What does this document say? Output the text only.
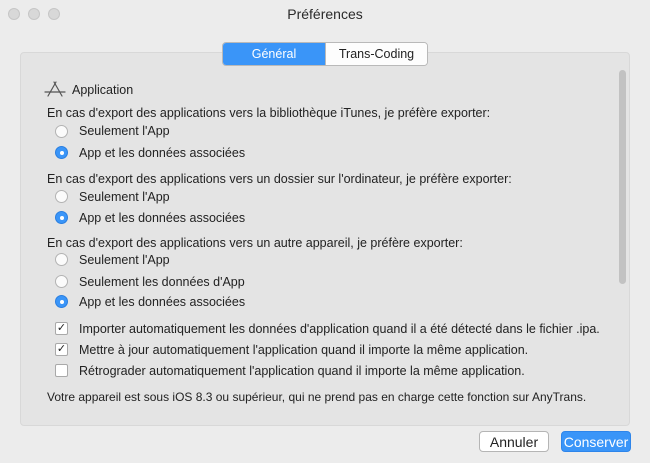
Préférences
Général	Trans-Coding
Application
En cas d'export des applications vers la bibliothèque iTunes, je préfère exporter:
Seulement l'App
App et les données associées
En cas d'export des applications vers un dossier sur l'ordinateur, je préfère exporter:
Seulement l'App
App et les données associées
En cas d'export des applications vers un autre appareil, je préfère exporter:
Seulement l'App
Seulement les données d'App
App et les données associées
✓ Importer automatiquement les données d'application quand il a été détecté dans le fichier .ipa.
✓ Mettre à jour automatiquement l'application quand il importe la même application.
Rétrograder automatiquement l'application quand il importe la même application.
Votre appareil est sous iOS 8.3 ou supérieur, qui ne prend pas en charge cette fonction sur AnyTrans.
Annuler	Conserver
